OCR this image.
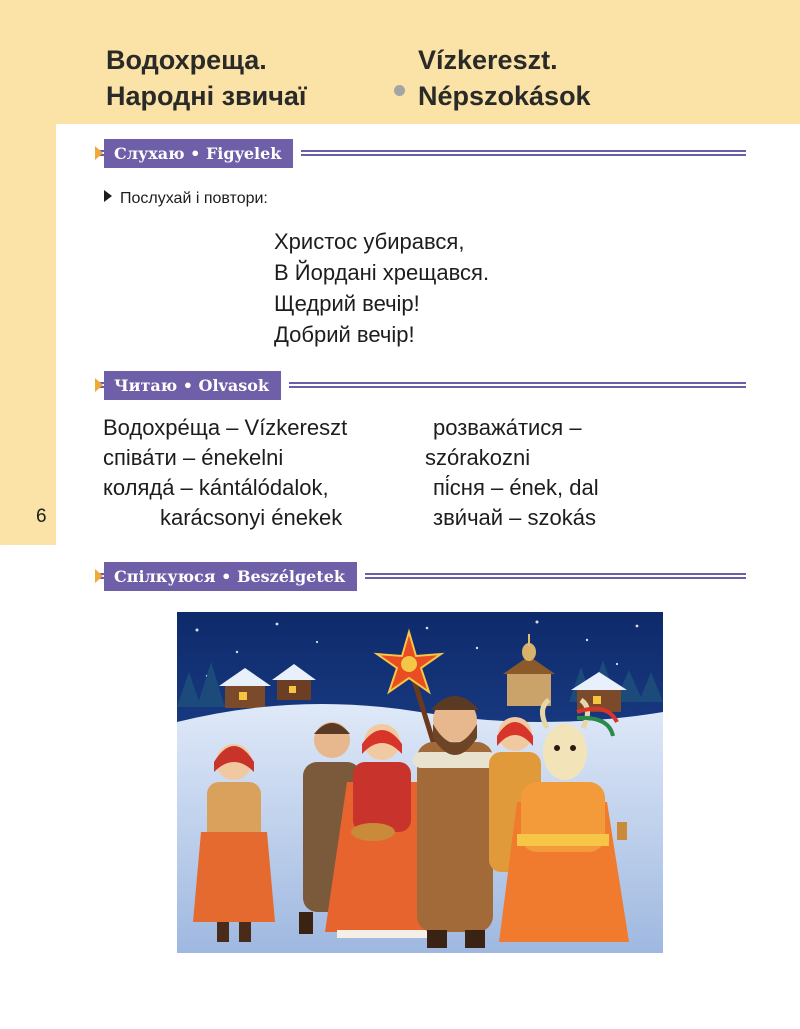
6
Водохреща.
Народні звичаї
Vízkereszt.
Népszokások
Слухаю • Figyelek
Послухай і повтори:
Христос убирався,
В Йордані хрещався.
Щедрий вечір!
Добрий вечір!
Читаю • Olvasok
Водохре́ща – Vízkereszt
співа́ти – énekelni
коляда́ – kántálódalok,
karácsonyi énekek
розважа́тися –
szórakozni
пі́сня – ének, dal
зви́чай – szokás
Спілкуюся • Beszélgetek
